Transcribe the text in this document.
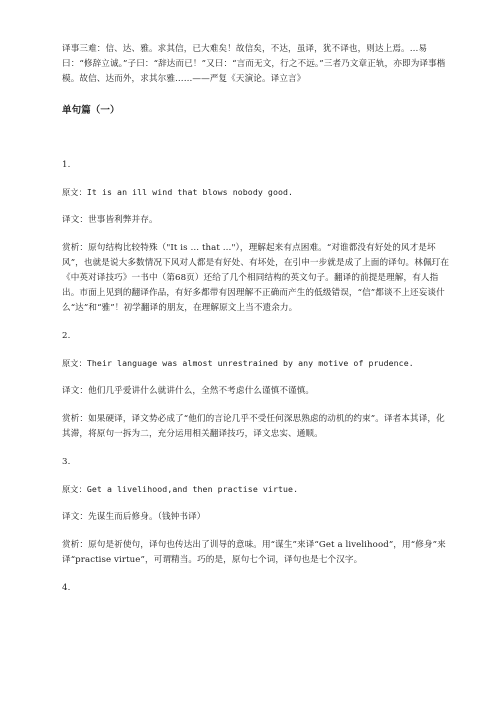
译事三难：信、达、雅。求其信，已大难矣！故信矣，不达，虽译，犹不译也，则达上焉。…易曰：“修辞立诚。”子曰：“辞达而已！”又曰：“言而无文，行之不远。”三者乃文章正轨，亦即为译事楷模。故信、达而外，求其尔雅……——严复《天演论。译立言》

单句篇（一）

1.

原文：It is an ill wind that blows nobody good.

译文：世事皆利弊并存。

赏析：原句结构比较特殊（"It is … that …"），理解起来有点困难。“对谁都没有好处的风才是坏风”，也就是说大多数情况下风对人都是有好处、有坏处，在引申一步就是成了上面的译句。林佩玎在《中英对译技巧》一书中（第68页）还给了几个相同结构的英文句子。翻译的前提是理解，有人指出。市面上见到的翻译作品，有好多都带有因理解不正确而产生的低级错误，“信”都谈不上还妄谈什么“达”和“雅”！初学翻译的朋友，在理解原文上当不遗余力。

2.

原文：Their language was almost unrestrained by any motive of prudence.

译文：他们几乎爱讲什么就讲什么，全然不考虑什么谨慎不谨慎。

赏析：如果硬译，译文势必成了“他们的言论几乎不受任何深思熟虑的动机的约束”。译者本其译，化其滞，将原句一拆为二，充分运用相关翻译技巧，译文忠实、通顺。

3.

原文：Get a livelihood,and then practise virtue.

译文：先谋生而后修身。（钱钟书译）

赏析：原句是祈使句，译句也传达出了训导的意味。用“谋生”来译“Get a livelihood”，用“修身”来译“practise virtue”，可谓精当。巧的是，原句七个词，译句也是七个汉字。

4.
